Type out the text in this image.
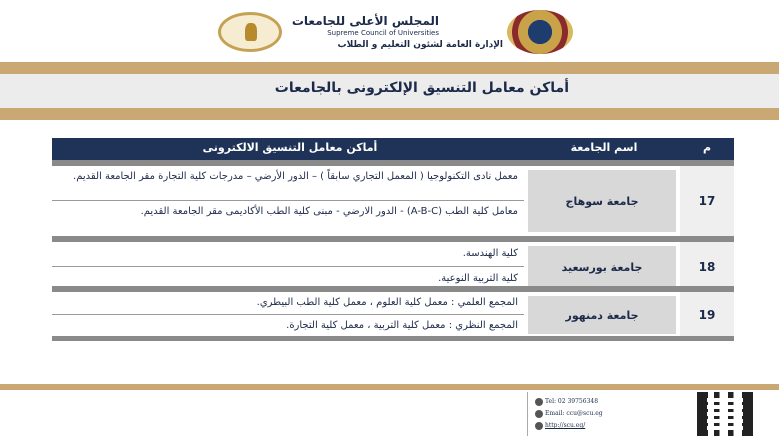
المجلس الأعلى للجامعات
Supreme Council of Universities
الإدارة العامة لشئون التعليم و الطلاب
أماكن معامل التنسيق الإلكترونى بالجامعات
م
اسم الجامعة
أماكن معامل التنسيق الالكترونى
17
جامعة سوهاج
معمل نادى التكنولوجيا ( المعمل التجاري سابقاً ) – الدور الأرضي – مدرجات كلية التجارة مقر الجامعة القديم.
معامل كلية الطب (A-B-C) - الدور الارضي - مبنى كلية الطب الأكاديمى مقر الجامعة القديم.
18
جامعة بورسعيد
كلية الهندسة.
كلية التربية النوعية.
19
جامعة دمنهور
المجمع العلمي : معمل كلية العلوم ، معمل كلية الطب البيطري.
المجمع النظري : معمل كلية التربية ، معمل كلية التجارة.
Tel: 02 39756348
Email: ccu@scu.eg
http://scu.eg/
